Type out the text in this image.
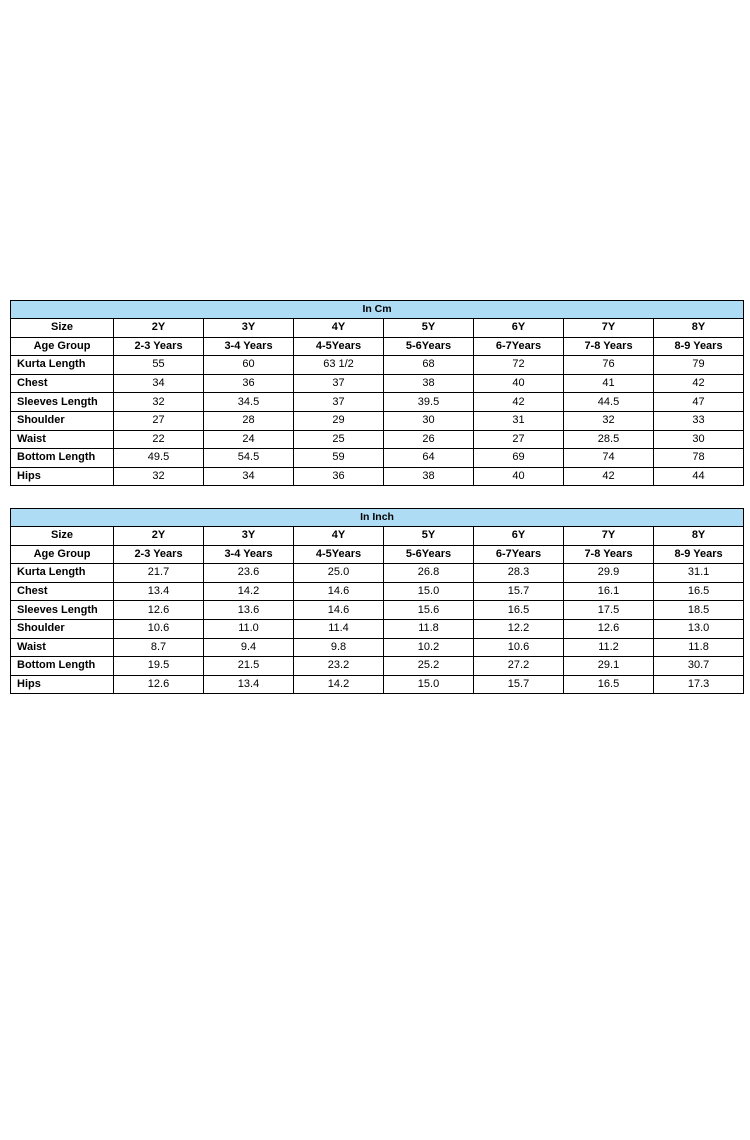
In Cm							
Size	2Y	3Y	4Y	5Y	6Y	7Y	8Y
Age Group	2-3 Years	3-4 Years	4-5Years	5-6Years	6-7Years	7-8 Years	8-9 Years
Kurta Length	55	60	63 1/2	68	72	76	79
Chest	34	36	37	38	40	41	42
Sleeves Length	32	34.5	37	39.5	42	44.5	47
Shoulder	27	28	29	30	31	32	33
Waist	22	24	25	26	27	28.5	30
Bottom Length	49.5	54.5	59	64	69	74	78
Hips	32	34	36	38	40	42	44
In Inch							
Size	2Y	3Y	4Y	5Y	6Y	7Y	8Y
Age Group	2-3 Years	3-4 Years	4-5Years	5-6Years	6-7Years	7-8 Years	8-9 Years
Kurta Length	21.7	23.6	25.0	26.8	28.3	29.9	31.1
Chest	13.4	14.2	14.6	15.0	15.7	16.1	16.5
Sleeves Length	12.6	13.6	14.6	15.6	16.5	17.5	18.5
Shoulder	10.6	11.0	11.4	11.8	12.2	12.6	13.0
Waist	8.7	9.4	9.8	10.2	10.6	11.2	11.8
Bottom Length	19.5	21.5	23.2	25.2	27.2	29.1	30.7
Hips	12.6	13.4	14.2	15.0	15.7	16.5	17.3
